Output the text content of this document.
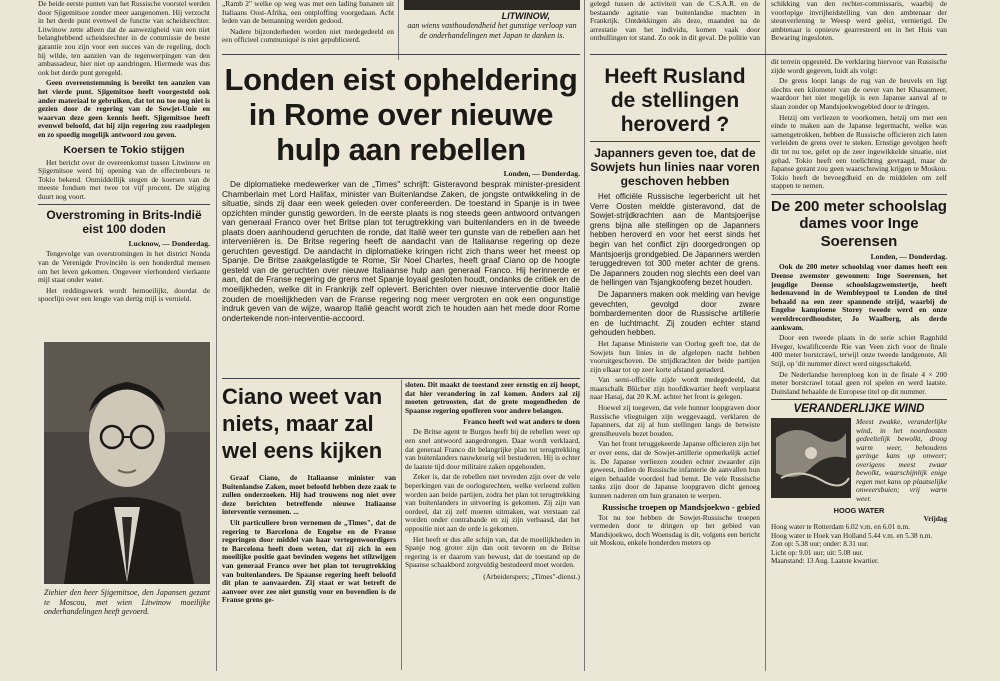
De beide eerste punten van het Russische voorstel werden door Sjigemitsoe zonder meer aangenomen. Hij verzocht in het derde punt evenwel de functie van scheidsrechter. Litwinow zette alleen dat de aanwezigheid van een niet belanghebbend scheidsrechter in de commissie de beste garantie zou zijn voor een succes van de regeling, doch hij wilde, ten aanzien van de tegenwerpingen van den ambassadeur, hier niet op aandringen. Hiermede was dus ook het derde punt geregeld.

Geen overeenstemming is bereikt ten aanzien van het vierde punt. Sjigemitsoe heeft voorgesteld ook ander materiaal te gebruiken, dat tot nu toe nog niet is gezien door de regering van de Sowjet-Unie en waarvan deze geen kennis heeft. Sjigemitsoe heeft evenwel beloofd, dat hij zijn regering zou raadplegen en zo spoedig mogelijk antwoord zou geven.

Koersen te Tokio stijgen

Het bericht over de overeenkomst tussen Litwinow en Sjigemitsoe werd bij opening van de effectenbeurs te Tokio bekend. Onmiddellijk stegen de koersen van de meeste fondsen met twee tot vijf procent. De stijging duurt nog voort.

Overstroming in Brits-Indië eist 100 doden
Lucknow, — Donderdag.

Tengevolge van overstromingen in het district Nonda van de Verenigde Provinciën is een honderdtal mensen om het leven gekomen. Ongeveer vierhonderd vierkante mijl staat onder water.

Het reddingswerk wordt bemoeilijkt, doordat de spoorlijn over een lengte van dertig mijl is vernield.

Ziehier den heer Sjigemitsoe, den Japansen gezant te Moscou, met wien Litwinow moeilijke onderhandelingen heeft gevoerd.

„Ramb 2" welke op weg was met een lading bananen uit Italiaans Oost-Afrika, een ontploffing voorgedaan. Acht leden van de bemanning werden gedood.

Nadere bijzonderheden worden niet medegedeeld en een officieel communiqué is niet gepubliceerd.

LITWINOW,
aan wiens vasthoudendheid het gunstige verloop van de onderhandelingen met Japan te danken is.

gelegd tussen de activiteit van de C.S.A.R. en de bestaande agitatie van buitenlandse machten in Frankrijk. Ontdekkingen als deze, maanden na de arrestatie van het individu, komen vaak door ontbullingen tot stand. Zo ook in dit geval. De politie van

schikking van den rechter-commissaris, waarbij de voorlopige invrijheidstelling van den ambtenaar der steunverlening te Weesp werd geëist, vernietigd. De ambtenaar is opnieuw gearresteerd en in het Huis van Bewaring ingesloten.

Londen eist opheldering in Rome over nieuwe hulp aan rebellen
Londen, — Donderdag.

De diplomatieke medewerker van de „Times" schrijft: Gisteravond besprak minister-president Chamberlain met Lord Halifax, minister van Buitenlandse Zaken, de jongste ontwikkeling in de situatie, sinds zij daar een week geleden over confereerden. De toestand in Spanje is in twee opzichten minder gunstig geworden. In de eerste plaats is nog steeds geen antwoord ontvangen van generaal Franco over het Britse plan tot terugtrekking van buitenlanders en in de tweede plaats doen aanhoudend geruchten de ronde, dat Italië weer ten gunste van de rebellen aan het interveniëren is. De Britse regering heeft de aandacht van de Italiaanse regering op deze geruchten gevestigd. De aandacht in diplomatieke kringen richt zich thans weer het meest op Spanje. De Britse zaakgelastigde te Rome, Sir Noel Charles, heeft graaf Ciano op de hoogte gesteld van de geruchten over nieuwe Italiaanse hulp aan generaal Franco. Hij herinnerde er aan, dat de Franse regering de grens met Spanje loyaal gesloten houdt, ondanks de critiek en de moeilijkheden, welke dit in Frankrijk zelf oplevert. Berichten over nieuwe interventie door Italië zouden de moeilijkheden van de Franse regering nog meer vergroten en ook een ongunstige indruk geven van de wijze, waarop Italië geacht wordt zich te houden aan het mede door Rome ondertekende non-interventie-accoord.

Ciano weet van niets, maar zal wel eens kijken

Graaf Ciano, de Italiaanse minister van Buitenlandse Zaken, moet beloofd hebben deze zaak te zullen onderzoeken. Hij had trouwens nog niet over deze berichten betreffende nieuwe Italiaanse interventie vernomen. ...

Uit particuliere bron vernemen de „Times", dat de regering te Barcelona de Engelse en de Franse regeringen door middel van haar vertegenwoordigers te Barcelona heeft doen weten, dat zij zich in een moeilijke positie gaat bevinden wegens het stilzwijgen van generaal Franco over het plan tot terugtrekking van buitenlanders. De Spaanse regering heeft beloofd dit plan te aanvaarden. Zij staat er wat betreft de aanvoer over zee niet gunstig voor en bovendien is de Franse grens ge-

sloten. Dit maakt de toestand zeer ernstig en zij hoopt, dat hier verandering in zal komen. Anders zal zij moeten getroosten, dat de grote mogendheden de Spaanse regering opofferen voor andere belangen.

Franco heeft wel wat anders te doen

De Britse agent te Burgos heeft bij de rebellen weer op een snel antwoord aangedrongen. Daar wordt verklaard, dat generaal Franco dit belangrijke plan tot terugtrekking van buitenlanders nauwkeurig wil bestuderen. Hij is echter de laatste tijd door militaire zaken opgehouden.

Zeker is, dat de rebellen niet tevreden zijn over de vele beperkingen van de oorlogsrechten, welke verleend zullen worden aan beide partijen, zodra het plan tot terugtrekking van buitenlanders in uitvoering is gekomen. Zij zijn van oordeel, dat zij zelf moeten uitmaken, wat verstaan zal worden onder contrabande en zij zijn verbaasd, dat het oppositie niet aan de orde is gekomen.

Het heeft er dus alle schijn van, dat de moeilijkheden in Spanje nog groter zijn dan ooit tevoren en de Britse regering is er daarom van bewust, dat de toestand op de Spaanse schaakbord zorgvuldig bestudeerd moet worden.

(Arbeiderspers; „Times"-dienst.)
Heeft Rusland de stellingen heroverd ?
Japanners geven toe, dat de Sowjets hun linies naar voren geschoven hebben

Het officiële Russische legerbericht uit het Verre Oosten meldde gisteravond, dat de Sowjet-strijdkrachten aan de Mantsjoerijse grens bijna alle stellingen op de Japanners hebben heroverd en voor het eerst sinds het begin van het conflict zijn doorgedrongen op Mantsjoerijs grondgebied. De Japanners werden teruggedreven tot 300 meter achter de grens. De Japanners zouden nog slechts een deel van de hellingen van Tsjangkoofeng bezet houden.

De Japanners maken ook melding van hevige gevechten, gevolgd door zware bombardementen door de Russische artillerie en de luchtmacht. Zij zouden echter stand gehouden hebben.

Het Japanse Ministerie van Oorlog geeft toe, dat de Sowjets hun linies in de afgelopen nacht hebben vooruitgeschoven. De strijdkrachten der beide partijen zijn elkaar tot op zeer korte afstand genaderd.

Van semi-officiële zijde wordt medegedeeld, dat maarschalk Blücher zijn hoofdkwartier heeft verplaatst naar Hanaj, dat 20 K.M. achter het front is gelegen.

Hoewel zij toegeven, dat vele hunner loopgraven door Russische vliegtuigen zijn weggevaagd, verklaren de Japanners, dat zij al hun stellingen langs de betwiste grenslheuvels bezet houden.

Van het front teruggekeerde Japanse officieren zijn het er over eens, dat de Sowjet-artillerie opmerkelijk actief is. De Japanse verliezen zouden echter zwaarder zijn geweest, indien de Russische infanterie de aanvallen hun eigen behaalde voordeel had benut. De vele Russische tanks zijn door de Japanse loopgraven dicht genoeg kunnen naderen om hun granaten te werpen.

Russische troepen op Mandsjoekwo - gebied

Tot nu toe hebben de Sowjet-Russische troepen vermeden door te dringen op het gebied van Mandsjoekwo, doch Woensdag is dit, volgens een bericht uit Moskou, enkele honderden meters op

dit terrein opgesteld. De verklaring hiervoor van Russische zijde wordt gegeven, luidt als volgt:

De grens loopt langs de rug van de heuvels en ligt slechts een kilometer van de oever van het Khasanmeer, waardoor het niet mogelijk is een Japanse aanval af te slaan zonder op Mandsjoekwogebied door te dringen.

Hetzij om verliezen te voorkomen, hetzij om met een einde te maken aan de Japanse legermacht, welke was samengetrokken, hebben de Russische officieren zich laten verleiden de grens over te steken. Ernstige gevolgen heeft dit tot nu toe, gelet op de zeer ingewikkelde situatie, niet gehad. Tokio heeft een toelichting gevraagd, maar de Japanse gezant zou geen waarschuwing krijgen te Moskou. Tokio heeft de bevoegdheid en de middelen om zelf stappen te nemen.

De 200 meter schoolslag dames voor Inge Soerensen
Londen, — Donderdag.

Ook de 200 meter schoolslag voor dames heeft een Deense zwemster gewonnen: Inge Soerensen, het jeugdige Deense schoolslagzwemstertje, heeft hedenavond in de Wembleypool te Londen de titel behaald na een zeer spannende strijd, waarbij de Engelse kampioene Storey tweede werd en onze wereldrecordhoudster, Jo Waalberg, als derde aankwam.

Door een tweede plaats in de serie schiet Ragnhild Hveger, kwalificeerde Rie van Veen zich voor de finale 400 meter borstcrawl, terwijl onze tweede landgenote, Ali Stijl, op 'dit nummer direct werd uitgeschakeld.

De Nederlandse herenploeg kon in de finale 4 × 200 meter borstcrawl totaal geen rol spelen en werd laatste. Duitsland behaalde de Europese titel op dit nummer.

VERANDERLIJKE WIND
Meest zwakke, veranderlijke wind, in het noordoosten gedeeltelijk bewolkt, droog warm weer, behoudens geringe kans op onweer; overigens meest zwaar bewolkt, waarschijnlijk enige regen met kans op plaatselijke onweersbuien; vrij warm weer.
HOOG WATER
Vrijdag
Hoog water te Rotterdam 6.02 v.m. en 6.01 n.m.
Hoog water te Hoek van Holland 5.44 v.m. en 5.38 n.m.
Zon op: 5.38 uur; onder: 8.31 uur.
Licht op: 9.01 uur; uit: 5.08 uur.
Maanstand: 13 Aug. Laatste kwartier.
